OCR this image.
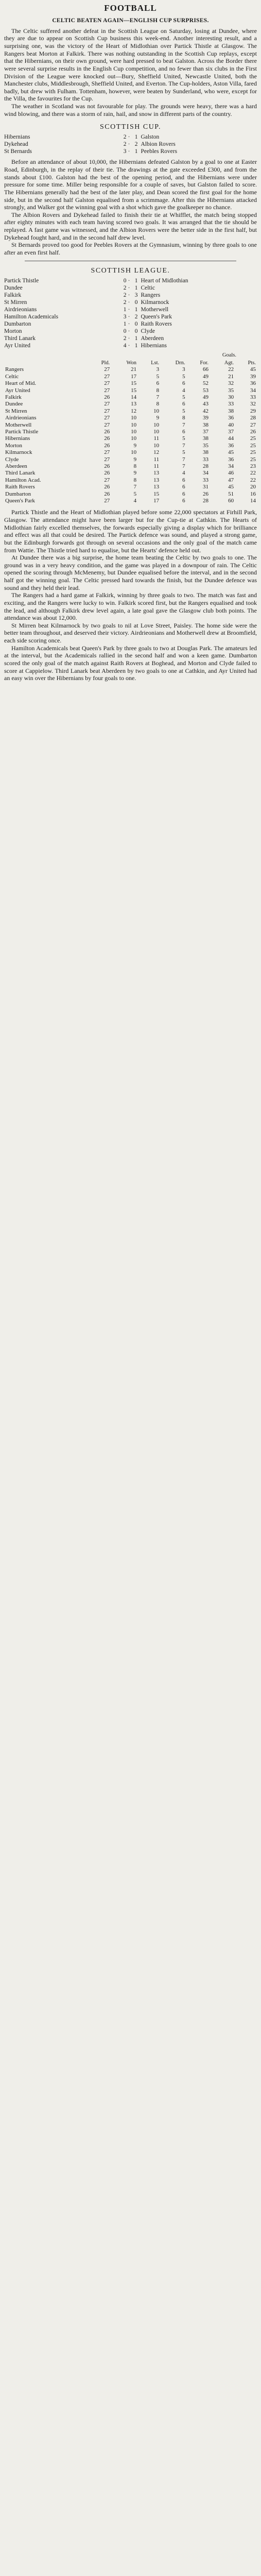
FOOTBALL
CELTIC BEATEN AGAIN—ENGLISH CUP SURPRISES.

The Celtic suffered another defeat in the Scottish League on Saturday, losing at Dundee, where they are due to appear on Scottish Cup business this week-end. Another interesting result, and a surprising one, was the victory of the Heart of Midlothian over Partick Thistle at Glasgow. The Rangers beat Morton at Falkirk. There was nothing outstanding in the Scottish Cup replays, except that the Hibernians, on their own ground, were hard pressed to beat Galston. Across the Border there were several surprise results in the English Cup competition, and no fewer than six clubs in the First Division of the League were knocked out—Bury, Sheffield United, Newcastle United, both the Manchester clubs, Middlesbrough, Sheffield United, and Everton. The Cup-holders, Aston Villa, fared badly, but drew with Fulham. Tottenham, however, were beaten by Sunderland, who were, except for the Villa, the favourites for the Cup.

The weather in Scotland was not favourable for play. The grounds were heavy, there was a hard wind blowing, and there was a storm of rain, hail, and snow in different parts of the country.

SCOTTISH CUP.
Hibernians	2 · 1 Galston
Dykehead	2 · 2 Albion Rovers
St Bernards	3 · 1 Peebles Rovers

Before an attendance of about 10,000, the Hibernians defeated Galston by a goal to one at Easter Road, Edinburgh, in the replay of their tie. The drawings at the gate exceeded £300, and from the stands about £100. Galston had the best of the opening period, and the Hibernians were under pressure for some time. Miller being responsible for a couple of saves, but Galston failed to score. The Hibernians generally had the best of the later play, and Dean scored the first goal for the home side, but in the second half Galston equalised from a scrimmage. After this the Hibernians attacked strongly, and Walker got the winning goal with a shot which gave the goalkeeper no chance.

The Albion Rovers and Dykehead failed to finish their tie at Whifflet, the match being stopped after eighty minutes with each team having scored two goals. It was arranged that the tie should be replayed. A fast game was witnessed, and the Albion Rovers were the better side in the first half, but Dykehead fought hard, and in the second half drew level.

St Bernards proved too good for Peebles Rovers at the Gymnasium, winning by three goals to one after an even first half.

SCOTTISH LEAGUE.
Partick Thistle	0 · 1 Heart of Midlothian
Dundee	2 · 1 Celtic
Falkirk	2 · 3 Rangers
St Mirren	2 · 0 Kilmarnock
Airdrieonians	1 · 1 Motherwell
Hamilton Academicals	3 · 2 Queen's Park
Dumbarton	1 · 0 Raith Rovers
Morton	0 · 0 Clyde
Third Lanark	2 · 1 Aberdeen
Ayr United	4 · 1 Hibernians
Goals.
	Pld.	Won	Lst.	Drn.	For.	Agt.	Pts.
Rangers	27	21	3	3	66	22	45
Celtic	27	17	5	5	49	21	39
Heart of Mid.	27	15	6	6	52	32	36
Ayr United	27	15	8	4	53	35	34
Falkirk	26	14	7	5	49	30	33
Dundee	27	13	8	6	43	33	32
St Mirren	27	12	10	5	42	38	29
Airdrieonians	27	10	9	8	39	36	28
Motherwell	27	10	10	7	38	40	27
Partick Thistle	26	10	10	6	37	37	26
Hibernians	26	10	11	5	38	44	25
Morton	26	9	10	7	35	36	25
Kilmarnock	27	10	12	5	38	45	25
Clyde	27	9	11	7	33	36	25
Aberdeen	26	8	11	7	28	34	23
Third Lanark	26	9	13	4	34	46	22
Hamilton Acad.	27	8	13	6	33	47	22
Raith Rovers	26	7	13	6	31	45	20
Dumbarton	26	5	15	6	26	51	16
Queen's Park	27	4	17	6	28	60	14

Partick Thistle and the Heart of Midlothian played before some 22,000 spectators at Firhill Park, Glasgow. The attendance might have been larger but for the Cup-tie at Cathkin. The Hearts of Midlothian fairly excelled themselves, the forwards especially giving a display which for brilliance and effect was all that could be desired. The Partick defence was sound, and played a strong game, but the Edinburgh forwards got through on several occasions and the only goal of the match came from Wattie. The Thistle tried hard to equalise, but the Hearts' defence held out.

At Dundee there was a big surprise, the home team beating the Celtic by two goals to one. The ground was in a very heavy condition, and the game was played in a downpour of rain. The Celtic opened the scoring through McMenemy, but Dundee equalised before the interval, and in the second half got the winning goal. The Celtic pressed hard towards the finish, but the Dundee defence was sound and they held their lead.

The Rangers had a hard game at Falkirk, winning by three goals to two. The match was fast and exciting, and the Rangers were lucky to win. Falkirk scored first, but the Rangers equalised and took the lead, and although Falkirk drew level again, a late goal gave the Glasgow club both points. The attendance was about 12,000.

St Mirren beat Kilmarnock by two goals to nil at Love Street, Paisley. The home side were the better team throughout, and deserved their victory. Airdrieonians and Motherwell drew at Broomfield, each side scoring once.

Hamilton Academicals beat Queen's Park by three goals to two at Douglas Park. The amateurs led at the interval, but the Academicals rallied in the second half and won a keen game. Dumbarton scored the only goal of the match against Raith Rovers at Boghead, and Morton and Clyde failed to score at Cappielow. Third Lanark beat Aberdeen by two goals to one at Cathkin, and Ayr United had an easy win over the Hibernians by four goals to one.
